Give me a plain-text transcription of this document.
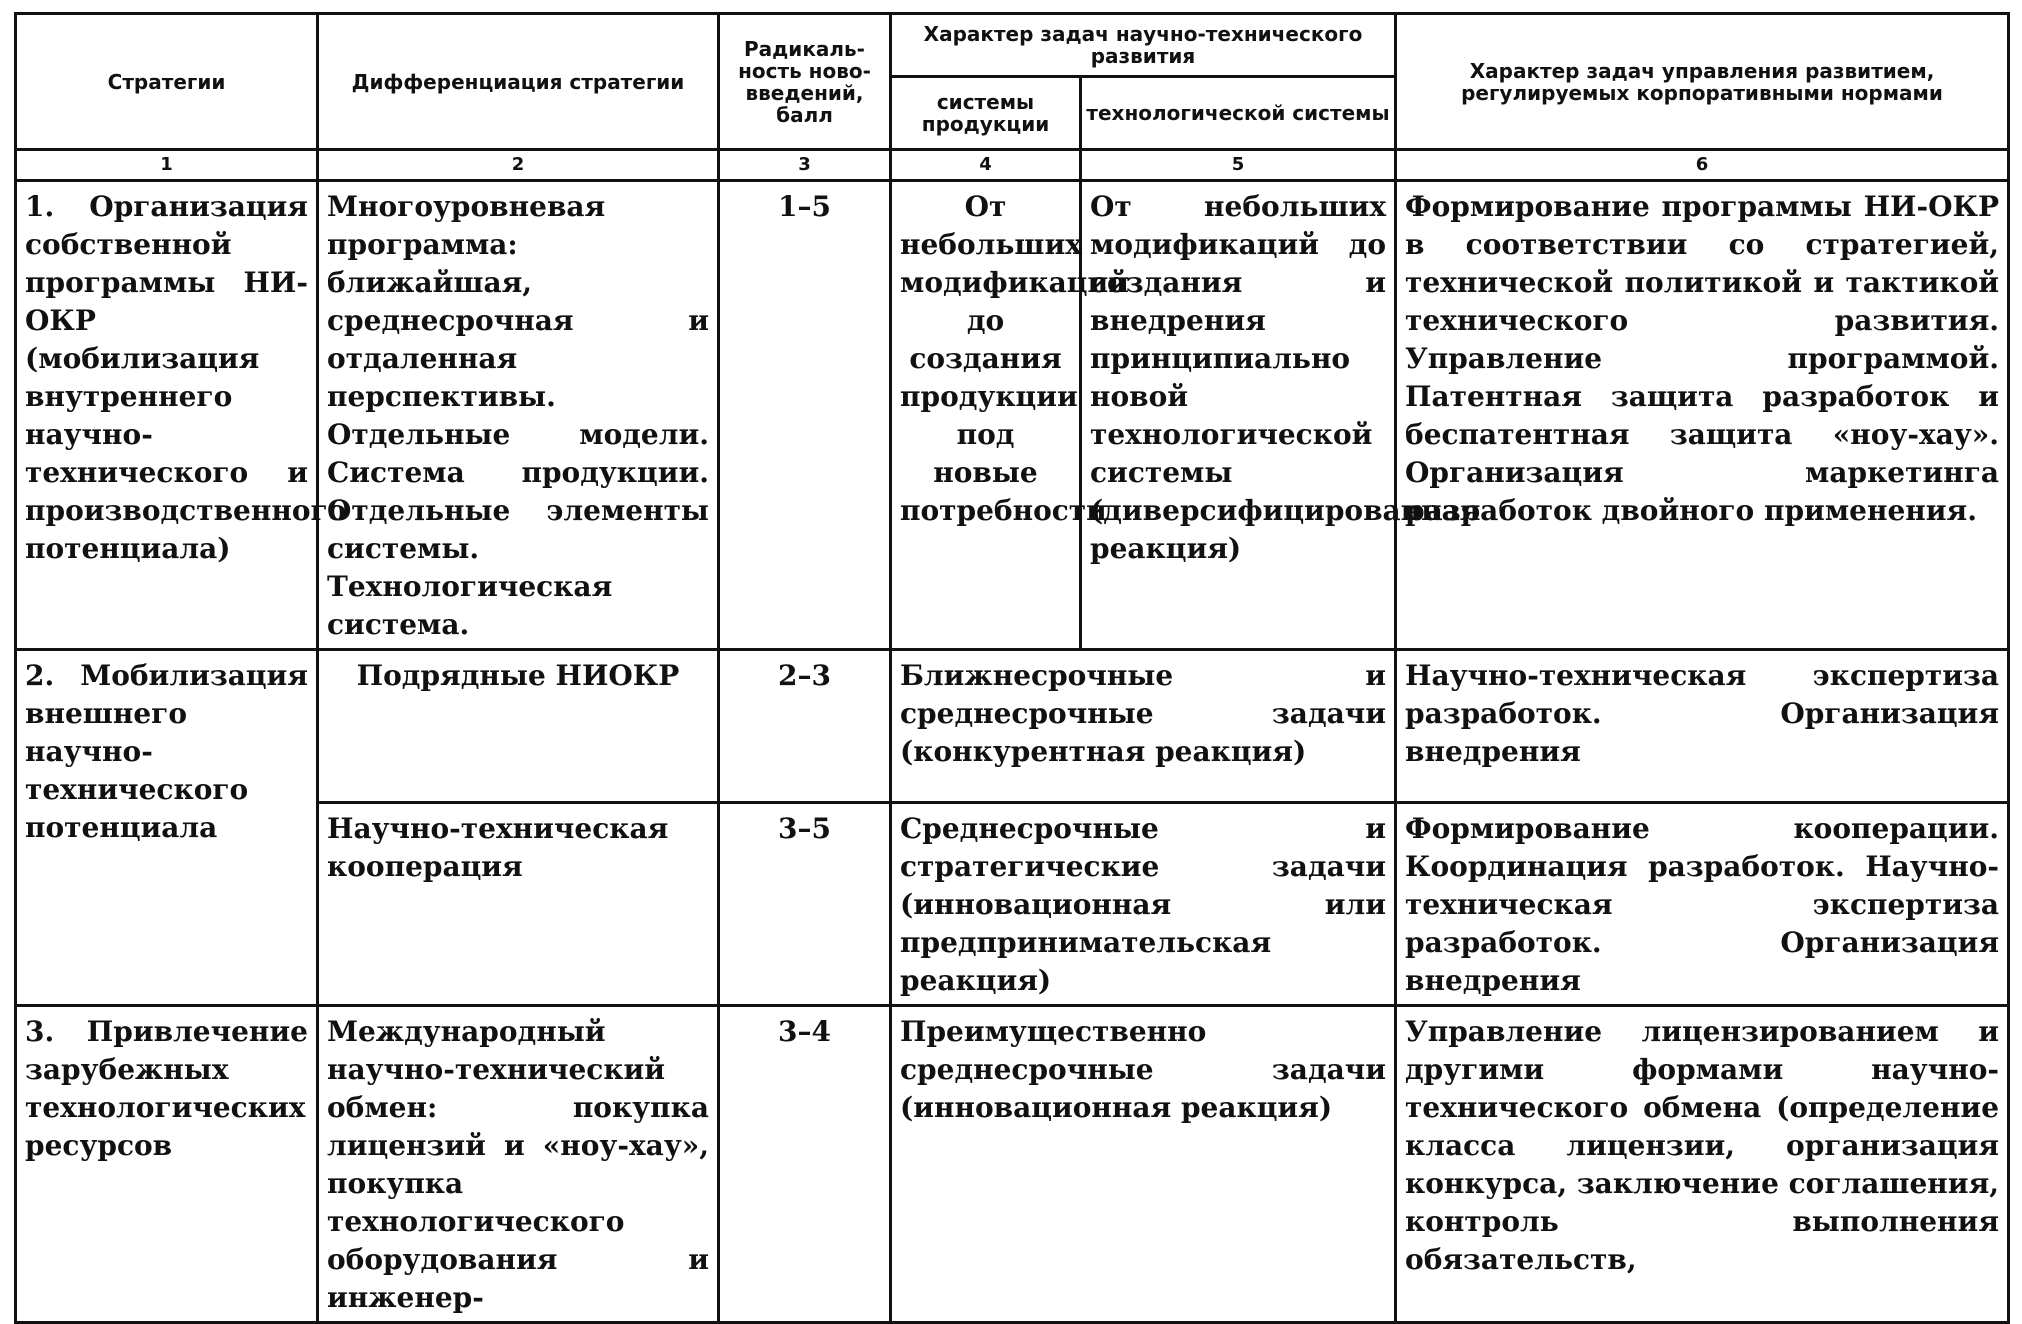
Стратегии	Дифференциация стратегии	Радикаль-ность ново-введений, балл	Характер задач научно-технического развития		Характер задач управления развитием, регулируемых корпоративными нормами
			системы продукции	технологической системы	
1	2	3	4	5	6
1. Организация собственной программы НИ-ОКР (мобилизация внутреннего научно-технического и производственного потенциала)	Многоуровневая программа: ближайшая, среднесрочная и отдаленная перспективы. Отдельные модели. Система продукции. Отдельные элементы системы. Технологическая система.	1–5	От небольших модификаций до создания продукции под новые потребности	От небольших модификаций до создания и внедрения принципиально новой технологической системы (диверсифицированная реакция)	Формирование программы НИ-ОКР в соответствии со стратегией, технической политикой и тактикой технического развития. Управление программой. Патентная защита разработок и беспатентная защита «ноу-хау». Организация маркетинга разработок двойного применения.
2. Мобилизация внешнего научно-технического потенциала	Подрядные НИОКР	2–3	Ближнесрочные и среднесрочные задачи (конкурентная реакция)		Научно-техническая экспертиза разработок. Организация внедрения
	Научно-техническая кооперация	3–5	Среднесрочные и стратегические задачи (инновационная или предпринимательская реакция)		Формирование кооперации. Координация разработок. Научно-техническая экспертиза разработок. Организация внедрения
3. Привлечение зарубежных технологических ресурсов	Международный научно-технический обмен: покупка лицензий и «ноу-хау», покупка технологического оборудования и инженер-	3–4	Преимущественно среднесрочные задачи (инновационная реакция)		Управление лицензированием и другими формами научно-технического обмена (определение класса лицензии, организация конкурса, заключение соглашения, контроль выполнения обязательств,
